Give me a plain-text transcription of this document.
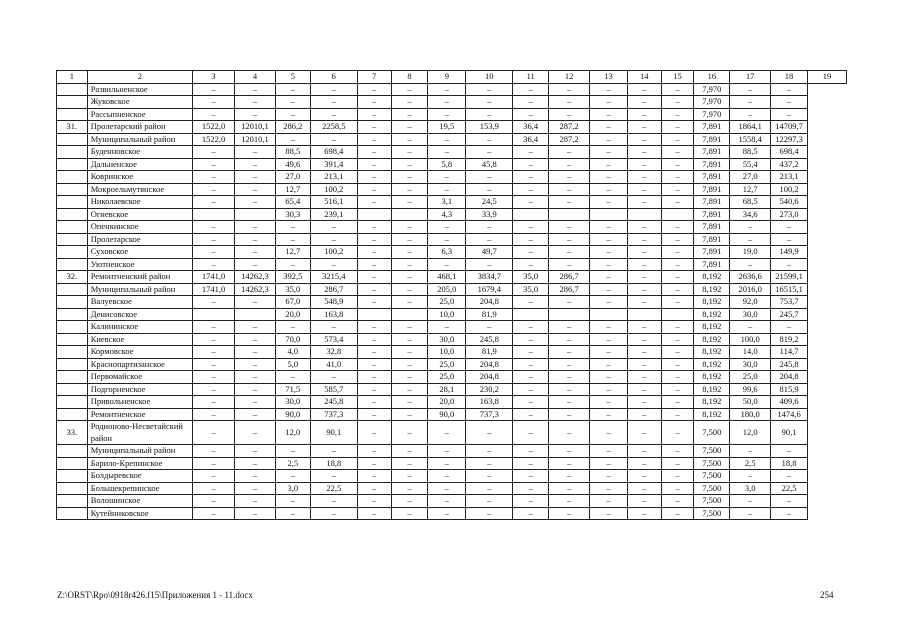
1	2	3	4	5	6	7	8	9	10	11	12	13	14	15	16	17	18	19
	Развильненское	–	–	–	–	–	–	–	–	–	–	–	–	–	7,970	–	–	
	Жуковское	–	–	–	–	–	–	–	–	–	–	–	–	–	7,970	–	–	
	Рассыпненское	–	–	–	–	–	–	–	–	–	–	–	–	–	7,970	–	–	
31.	Пролетарский район	1522,0	12010,1	286,2	2258,5	–	–	19,5	153,9	36,4	287,2	–	–	–	7,891	1864,1	14709,7	
	Муниципальный район	1522,0	12010,1	–	–	–	–	–	–	36,4	287,2	–	–	–	7,891	1558,4	12297,3	
	Буденновское	–	–	88,5	698,4	–	–	–	–	–	–	–	–	–	7,891	88,5	698,4	
	Дальненское	–	–	49,6	391,4	–	–	5,8	45,8	–	–	–	–	–	7,891	55,4	437,2	
	Ковринское	–	–	27,0	213,1	–	–	–	–	–	–	–	–	–	7,891	27,0	213,1	
	Мокроельмутянское	–	–	12,7	100,2	–	–	–	–	–	–	–	–	–	7,891	12,7	100,2	
	Николаевское	–	–	65,4	516,1	–	–	3,1	24,5	–	–	–	–	–	7,891	68,5	540,6	
	Огневское			30,3	239,1			4,3	33,9						7,891	34,6	273,0	
	Опенкинское	–	–	–	–	–	–	–	–	–	–	–	–	–	7,891	–	–	
	Пролетарское	–	–	–	–	–	–	–	–	–	–	–	–	–	7,891	–	–	
	Суховское	–	–	12,7	100,2	–	–	6,3	49,7	–	–	–	–	–	7,891	19,0	149,9	
	Уютненское	–	–	–	–	–	–	–	–	–	–	–	–	–	7,891	–	–	
32.	Ремонтненский район	1741,0	14262,3	392,5	3215,4	–	–	468,1	3834,7	35,0	286,7	–	–	–	8,192	2636,6	21599,1	
	Муниципальный район	1741,0	14262,3	35,0	286,7	–	–	205,0	1679,4	35,0	286,7	–	–	–	8,192	2016,0	16515,1	
	Валуевское	–	–	67,0	548,9	–	–	25,0	204,8	–	–	–	–	–	8,192	92,0	753,7	
	Денисовское			20,0	163,8			10,0	81,9						8,192	30,0	245,7	
	Калининское	–	–	–	–	–	–	–	–	–	–	–	–	–	8,192	–	–	
	Киевское	–	–	70,0	573,4	–	–	30,0	245,8	–	–	–	–	–	8,192	100,0	819,2	
	Кормовское	–	–	4,0	32,8	–	–	10,0	81,9	–	–	–	–	–	8,192	14,0	114,7	
	Краснопартизанское	–	–	5,0	41,0	–	–	25,0	204,8	–	–	–	–	–	8,192	30,0	245,8	
	Первомайское	–	–	–	–	–	–	25,0	204,8	–	–	–	–	–	8,192	25,0	204,8	
	Подгорненское	–	–	71,5	585,7	–	–	28,1	230,2	–	–	–	–	–	8,192	99,6	815,9	
	Привольненское	–	–	30,0	245,8	–	–	20,0	163,8	–	–	–	–	–	8,192	50,0	409,6	
	Ремонтненское	–	–	90,0	737,3	–	–	90,0	737,3	–	–	–	–	–	8,192	180,0	1474,6	
33.	Родионово-Несветайский район	–	–	12,0	90,1	–	–	–	–	–	–	–	–	–	7,500	12,0	90,1	
	Муниципальный район	–	–	–	–	–	–	–	–	–	–	–	–	–	7,500	–	–	
	Барило-Крепинское	–	–	2,5	18,8	–	–	–	–	–	–	–	–	–	7,500	2,5	18,8	
	Болдыревское	–	–	–	–	–	–	–	–	–	–	–	–	–	7,500	–	–	
	Большекрепинское	–	–	3,0	22,5	–	–	–	–	–	–	–	–	–	7,500	3,0	22,5	
	Волошинское	–	–	–	–	–	–	–	–	–	–	–	–	–	7,500	–	–	
	Кутейниковское	–	–	–	–	–	–	–	–	–	–	–	–	–	7,500	–	–	
Z:\ORST\Rpo\0918r426.f15\Приложения 1 - 11.docx	254
